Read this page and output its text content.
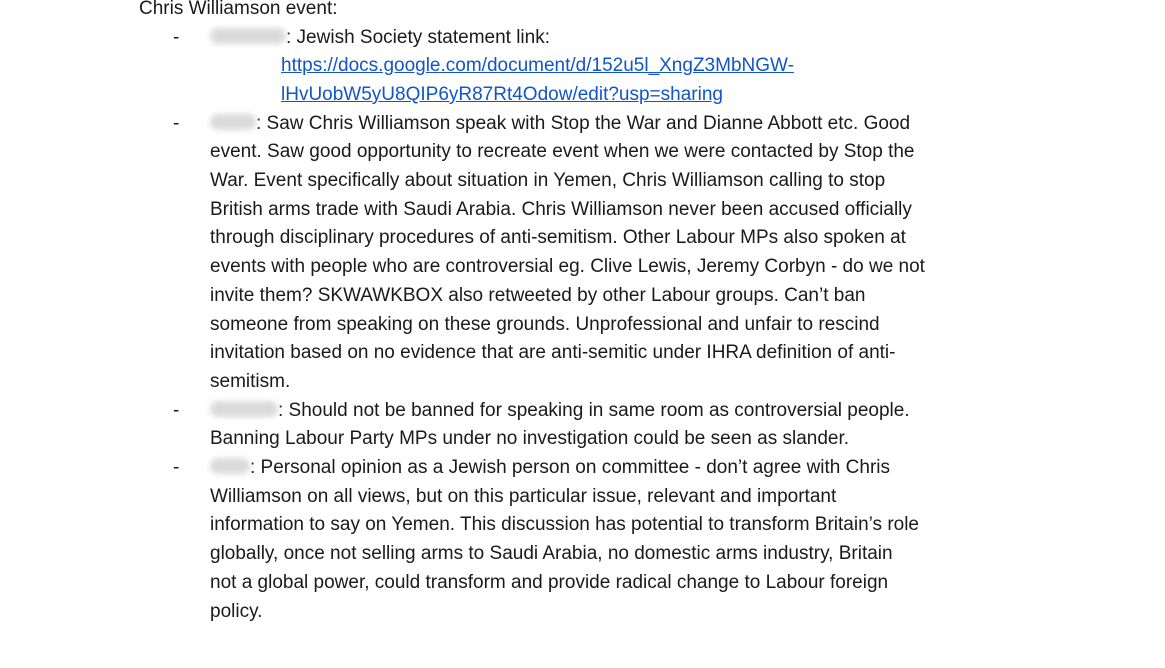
Chris Williamson event:
-	: Jewish Society statement link:
https://docs.google.com/document/d/152u5l_XngZ3MbNGW-
lHvUobW5yU8QIP6yR87Rt4Odow/edit?usp=sharing
-	: Saw Chris Williamson speak with Stop the War and Dianne Abbott etc. Good
event. Saw good opportunity to recreate event when we were contacted by Stop the
War. Event specifically about situation in Yemen, Chris Williamson calling to stop
British arms trade with Saudi Arabia. Chris Williamson never been accused officially
through disciplinary procedures of anti-semitism. Other Labour MPs also spoken at
events with people who are controversial eg. Clive Lewis, Jeremy Corbyn - do we not
invite them? SKWAWKBOX also retweeted by other Labour groups. Can’t ban
someone from speaking on these grounds. Unprofessional and unfair to rescind
invitation based on no evidence that are anti-semitic under IHRA definition of anti-
semitism.
-	: Should not be banned for speaking in same room as controversial people.
Banning Labour Party MPs under no investigation could be seen as slander.
-	: Personal opinion as a Jewish person on committee - don’t agree with Chris
Williamson on all views, but on this particular issue, relevant and important
information to say on Yemen. This discussion has potential to transform Britain’s role
globally, once not selling arms to Saudi Arabia, no domestic arms industry, Britain
not a global power, could transform and provide radical change to Labour foreign
policy.
